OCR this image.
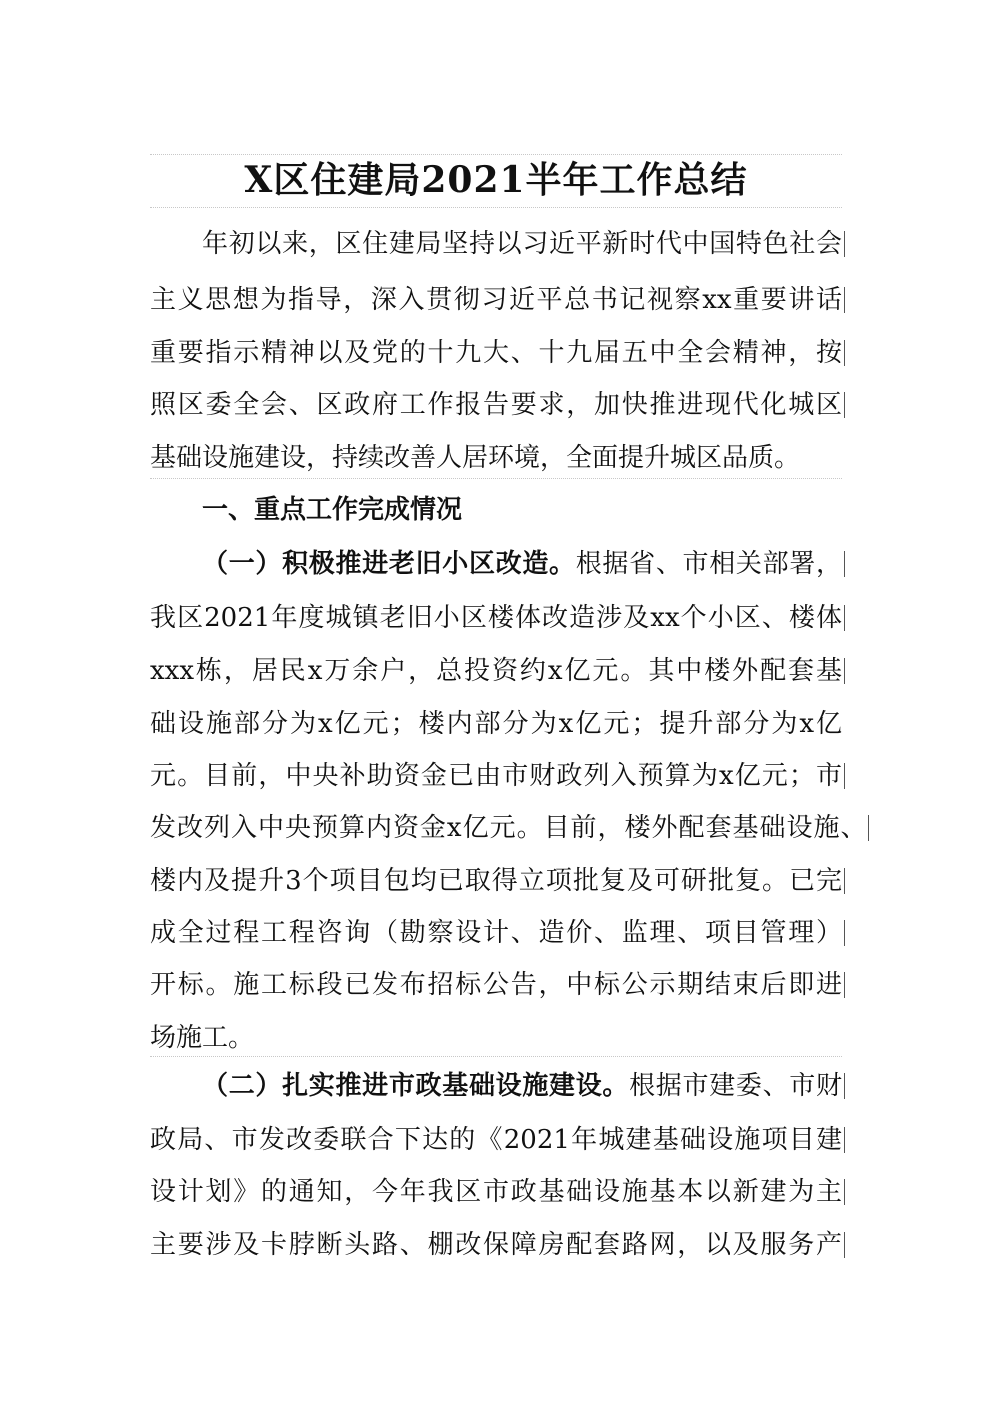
X区住建局2021半年工作总结

年初以来，区住建局坚持以习近平新时代中国特色社会

主义思想为指导，深入贯彻习近平总书记视察xx重要讲话

重要指示精神以及党的十九大、十九届五中全会精神，按

照区委全会、区政府工作报告要求，加快推进现代化城区

基础设施建设，持续改善人居环境，全面提升城区品质。

一、重点工作完成情况

（一）积极推进老旧小区改造。根据省、市相关部署，

我区2021年度城镇老旧小区楼体改造涉及xx个小区、楼体

xxx栋，居民x万余户，总投资约x亿元。其中楼外配套基

础设施部分为x亿元；楼内部分为x亿元；提升部分为x亿

元。目前，中央补助资金已由市财政列入预算为x亿元；市

发改列入中央预算内资金x亿元。目前，楼外配套基础设施、

楼内及提升3个项目包均已取得立项批复及可研批复。已完

成全过程工程咨询（勘察设计、造价、监理、项目管理）

开标。施工标段已发布招标公告，中标公示期结束后即进

场施工。

（二）扎实推进市政基础设施建设。根据市建委、市财

政局、市发改委联合下达的《2021年城建基础设施项目建

设计划》的通知，今年我区市政基础设施基本以新建为主

主要涉及卡脖断头路、棚改保障房配套路网，以及服务产
